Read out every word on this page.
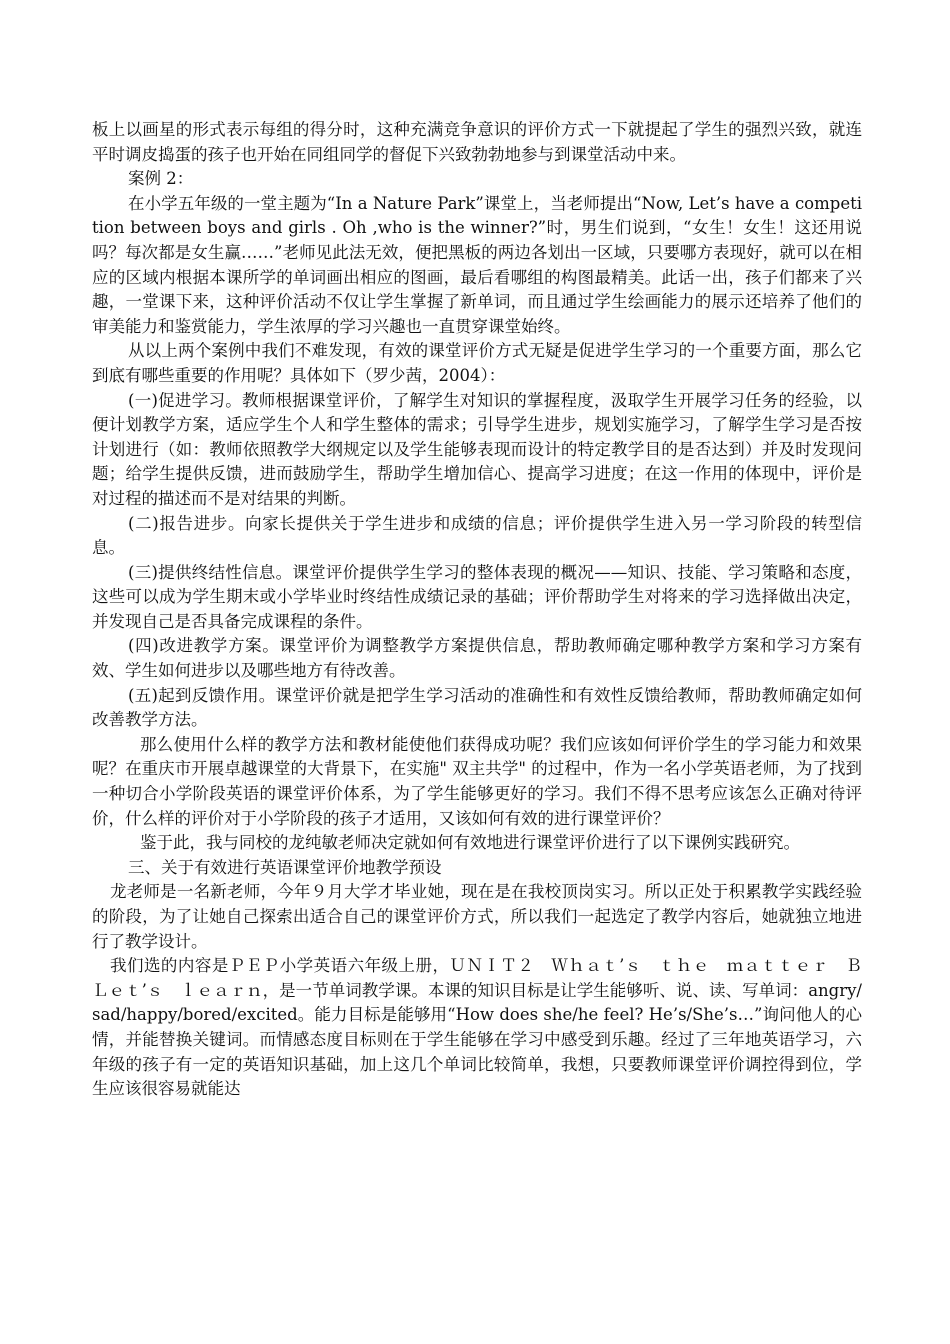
板上以画星的形式表示每组的得分时，这种充满竞争意识的评价方式一下就提起了学生的强烈兴致，就连平时调皮捣蛋的孩子也开始在同组同学的督促下兴致勃勃地参与到课堂活动中来。

案例 2：

在小学五年级的一堂主题为“In a Nature Park”课堂上，当老师提出“Now, Let’s have a competition between boys and girls . Oh ,who is the winner?”时，男生们说到，“女生！女生！这还用说吗？每次都是女生赢……”老师见此法无效，便把黑板的两边各划出一区域，只要哪方表现好，就可以在相应的区域内根据本课所学的单词画出相应的图画，最后看哪组的构图最精美。此话一出，孩子们都来了兴趣，一堂课下来，这种评价活动不仅让学生掌握了新单词，而且通过学生绘画能力的展示还培养了他们的审美能力和鉴赏能力，学生浓厚的学习兴趣也一直贯穿课堂始终。

从以上两个案例中我们不难发现，有效的课堂评价方式无疑是促进学生学习的一个重要方面，那么它到底有哪些重要的作用呢？具体如下（罗少茜，2004）：

(一)促进学习。教师根据课堂评价，了解学生对知识的掌握程度，汲取学生开展学习任务的经验，以便计划教学方案，适应学生个人和学生整体的需求；引导学生进步，规划实施学习，了解学生学习是否按计划进行（如：教师依照教学大纲规定以及学生能够表现而设计的特定教学目的是否达到）并及时发现问题；给学生提供反馈，进而鼓励学生，帮助学生增加信心、提高学习进度；在这一作用的体现中，评价是对过程的描述而不是对结果的判断。

(二)报告进步。向家长提供关于学生进步和成绩的信息；评价提供学生进入另一学习阶段的转型信息。

(三)提供终结性信息。课堂评价提供学生学习的整体表现的概况——知识、技能、学习策略和态度，这些可以成为学生期末或小学毕业时终结性成绩记录的基础；评价帮助学生对将来的学习选择做出决定，并发现自己是否具备完成课程的条件。

(四)改进教学方案。课堂评价为调整教学方案提供信息，帮助教师确定哪种教学方案和学习方案有效、学生如何进步以及哪些地方有待改善。

(五)起到反馈作用。课堂评价就是把学生学习活动的准确性和有效性反馈给教师，帮助教师确定如何改善教学方法。

那么使用什么样的教学方法和教材能使他们获得成功呢？我们应该如何评价学生的学习能力和效果呢？在重庆市开展卓越课堂的大背景下，在实施" 双主共学" 的过程中，作为一名小学英语老师，为了找到一种切合小学阶段英语的课堂评价体系，为了学生能够更好的学习。我们不得不思考应该怎么正确对待评价，什么样的评价对于小学阶段的孩子才适用，又该如何有效的进行课堂评价？

鉴于此，我与同校的龙纯敏老师决定就如何有效地进行课堂评价进行了以下课例实践研究。

三、关于有效进行英语课堂评价地教学预设

龙老师是一名新老师，今年９月大学才毕业她，现在是在我校顶岗实习。所以正处于积累教学实践经验的阶段，为了让她自己探索出适合自己的课堂评价方式，所以我们一起选定了教学内容后，她就独立地进行了教学设计。

我们选的内容是ＰＥＰ小学英语六年级上册，ＵＮＩＴ２　Ｗｈａｔ’ｓ　ｔｈｅ　ｍａｔｔｅｒ　Ｂ　Ｌｅｔ’ｓ　ｌｅａｒｎ，是一节单词教学课。本课的知识目标是让学生能够听、说、读、写单词：angry/sad/happy/bored/excited。能力目标是能够用“How does she/he feel? He’s/She’s…”询问他人的心情，并能替换关键词。而情感态度目标则在于学生能够在学习中感受到乐趣。经过了三年地英语学习，六年级的孩子有一定的英语知识基础，加上这几个单词比较简单，我想，只要教师课堂评价调控得到位，学生应该很容易就能达
